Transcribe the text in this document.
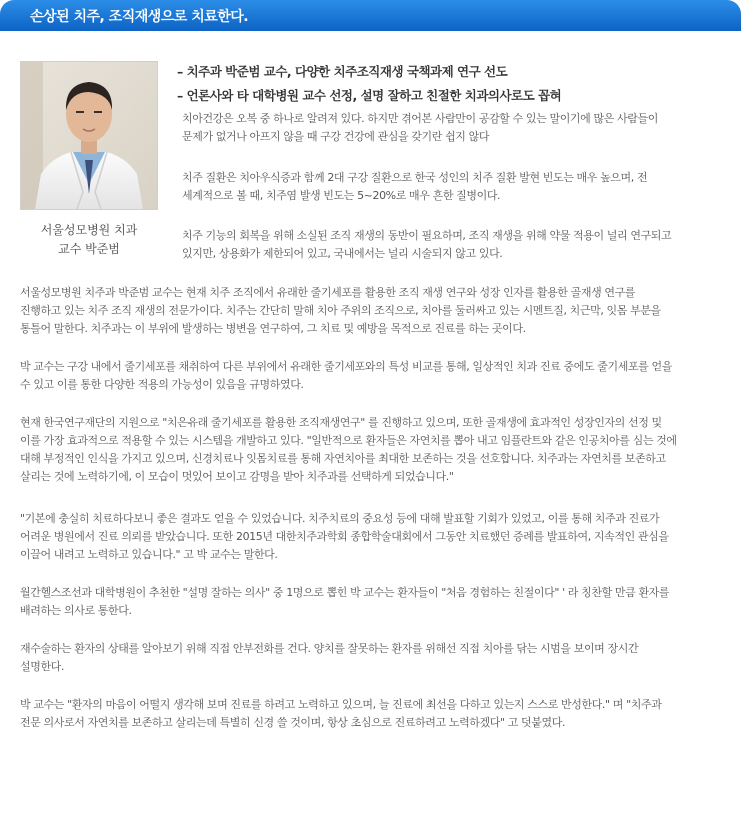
손상된 치주, 조직재생으로 치료한다.
서울성모병원 치과
교수 박준범
– 치주과 박준범 교수, 다양한 치주조직재생 국책과제 연구 선도
– 언론사와 타 대학병원 교수 선정, 설명 잘하고 친절한 치과의사로도 꼽혀
치아건강은 오복 중 하나로 알려져 있다. 하지만 겪어본 사람만이 공감할 수 있는 말이기에 많은 사람들이
문제가 없거나 아프지 않을 때 구강 건강에 관심을 갖기란 쉽지 않다
치주 질환은 치아우식증과 함께 2대 구강 질환으로 한국 성인의 치주 질환 발현 빈도는 매우 높으며, 전
세계적으로 볼 때, 치주염 발생 빈도는 5~20%로 매우 흔한 질병이다.
치주 기능의 회복을 위해 소실된 조직 재생의 동반이 필요하며, 조직 재생을 위해 약물 적용이 널리 연구되고
있지만, 상용화가 제한되어 있고, 국내에서는 널리 시술되지 않고 있다.
서울성모병원 치주과 박준범 교수는 현재 치주 조직에서 유래한 줄기세포를 활용한 조직 재생 연구와 성장 인자를 활용한 골재생 연구를
진행하고 있는 치주 조직 재생의 전문가이다. 치주는 간단히 말해 치아 주위의 조직으로, 치아를 둘러싸고 있는 시멘트질, 치근막, 잇몸 부분을
통틀어 말한다. 치주과는 이 부위에 발생하는 병변을 연구하여, 그 치료 및 예방을 목적으로 진료를 하는 곳이다.
박 교수는 구강 내에서 줄기세포를 채취하여 다른 부위에서 유래한 줄기세포와의 특성 비교를 통해, 일상적인 치과 진료 중에도 줄기세포를 얻을
수 있고 이를 통한 다양한 적용의 가능성이 있음을 규명하였다.
현재 한국연구재단의 지원으로 "치은유래 줄기세포를 활용한 조직재생연구" 를 진행하고 있으며, 또한 골재생에 효과적인 성장인자의 선정 및
이를 가장 효과적으로 적용할 수 있는 시스템을 개발하고 있다. "일반적으로 환자들은 자연치를 뽑아 내고 임플란트와 같은 인공치아를 심는 것에
대해 부정적인 인식을 가지고 있으며, 신경치료나 잇몸치료를 통해 자연치아를 최대한 보존하는 것을 선호합니다. 치주과는 자연치를 보존하고
살리는 것에 노력하기에, 이 모습이 멋있어 보이고 감명을 받아 치주과를 선택하게 되었습니다."
"기본에 충실히 치료하다보니 좋은 결과도 얻을 수 있었습니다. 치주치료의 중요성 등에 대해 발표할 기회가 있었고, 이를 통해 치주과 진료가
어려운 병원에서 진료 의뢰를 받았습니다. 또한 2015년 대한치주과학회 종합학술대회에서 그동안 치료했던 증례를 발표하여, 지속적인 관심을
이끌어 내려고 노력하고 있습니다." 고 박 교수는 말한다.
월간헬스조선과 대학병원이 추천한 "설명 잘하는 의사" 중 1명으로 뽑힌 박 교수는 환자들이 "처음 경험하는 친절이다" ' 라 칭찬할 만큼 환자를
배려하는 의사로 통한다.
재수술하는 환자의 상태를 알아보기 위해 직접 안부전화를 건다. 양치를 잘못하는 환자를 위해선 직접 치아를 닦는 시범을 보이며 장시간
설명한다.
박 교수는 "환자의 마음이 어떨지 생각해 보며 진료를 하려고 노력하고 있으며, 늘 진료에 최선을 다하고 있는지 스스로 반성한다." 며 "치주과
전문 의사로서 자연치를 보존하고 살리는데 특별히 신경 쓸 것이며, 항상 초심으로 진료하려고 노력하겠다" 고 덧붙였다.
